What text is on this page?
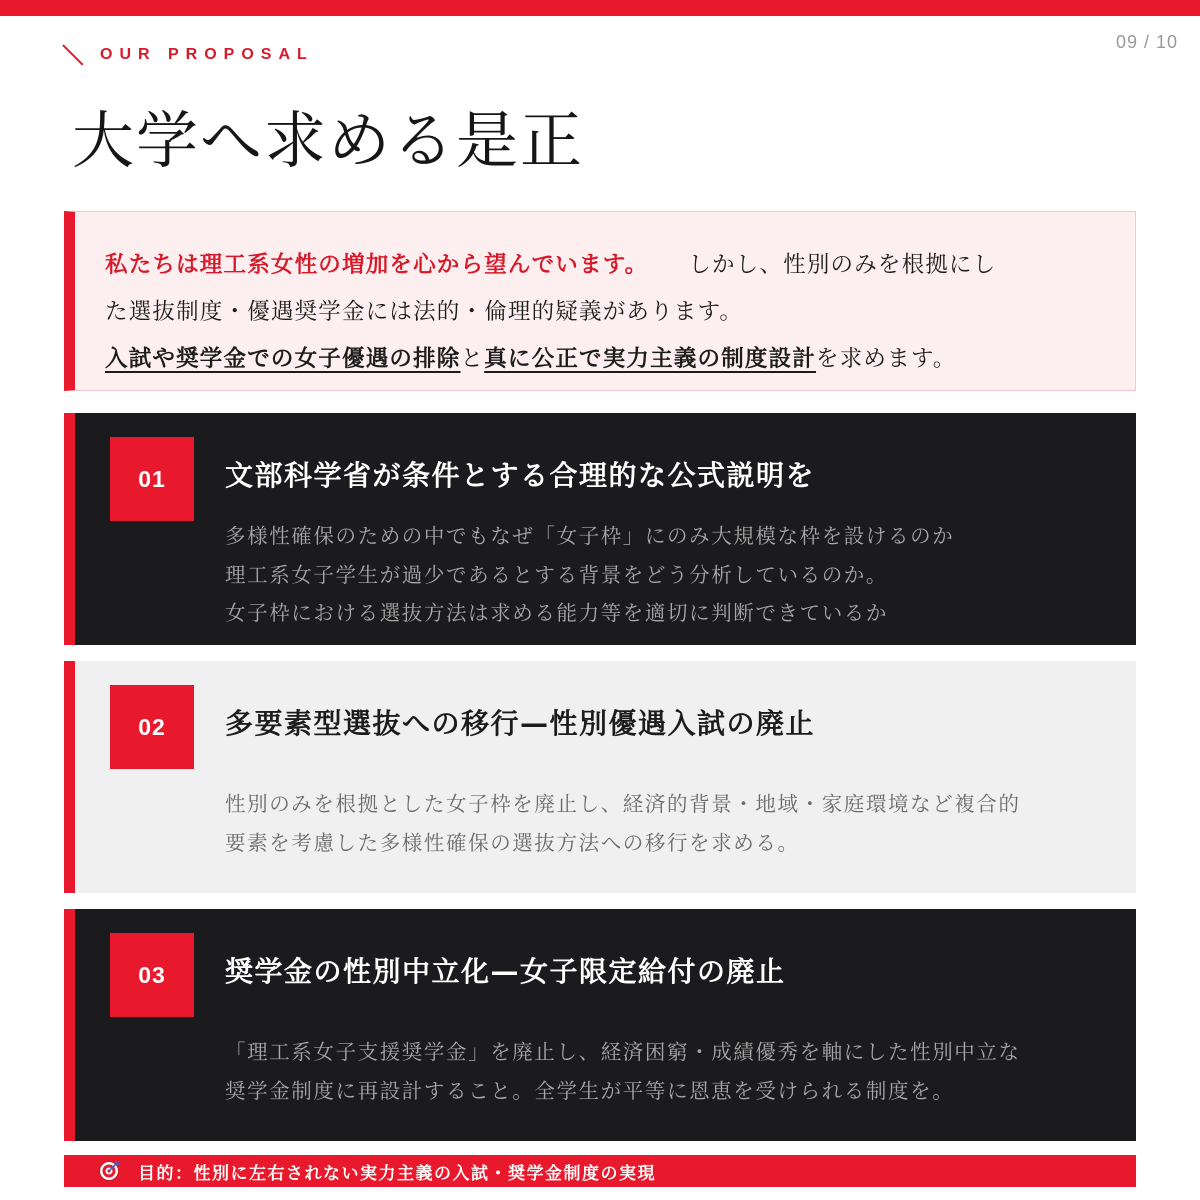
OUR PROPOSAL
09 / 10
大学へ求める是正

私たちは理工系女性の増加を心から望んでいます。 しかし、性別のみを根拠にし
た選抜制度・優遇奨学金には法的・倫理的疑義があります。
入試や奨学金での女子優遇の排除と真に公正で実力主義の制度設計を求めます。

01	文部科学省が条件とする合理的な公式説明を

多様性確保のための中でもなぜ「女子枠」にのみ大規模な枠を設けるのか
理工系女子学生が過少であるとする背景をどう分析しているのか。
女子枠における選抜方法は求める能力等を適切に判断できているか

02	多要素型選抜への移行—性別優遇入試の廃止

性別のみを根拠とした女子枠を廃止し、経済的背景・地域・家庭環境など複合的
要素を考慮した多様性確保の選抜方法への移行を求める。

03	奨学金の性別中立化—女子限定給付の廃止

「理工系女子支援奨学金」を廃止し、経済困窮・成績優秀を軸にした性別中立な
奨学金制度に再設計すること。全学生が平等に恩恵を受けられる制度を。

目的：性別に左右されない実力主義の入試・奨学金制度の実現
